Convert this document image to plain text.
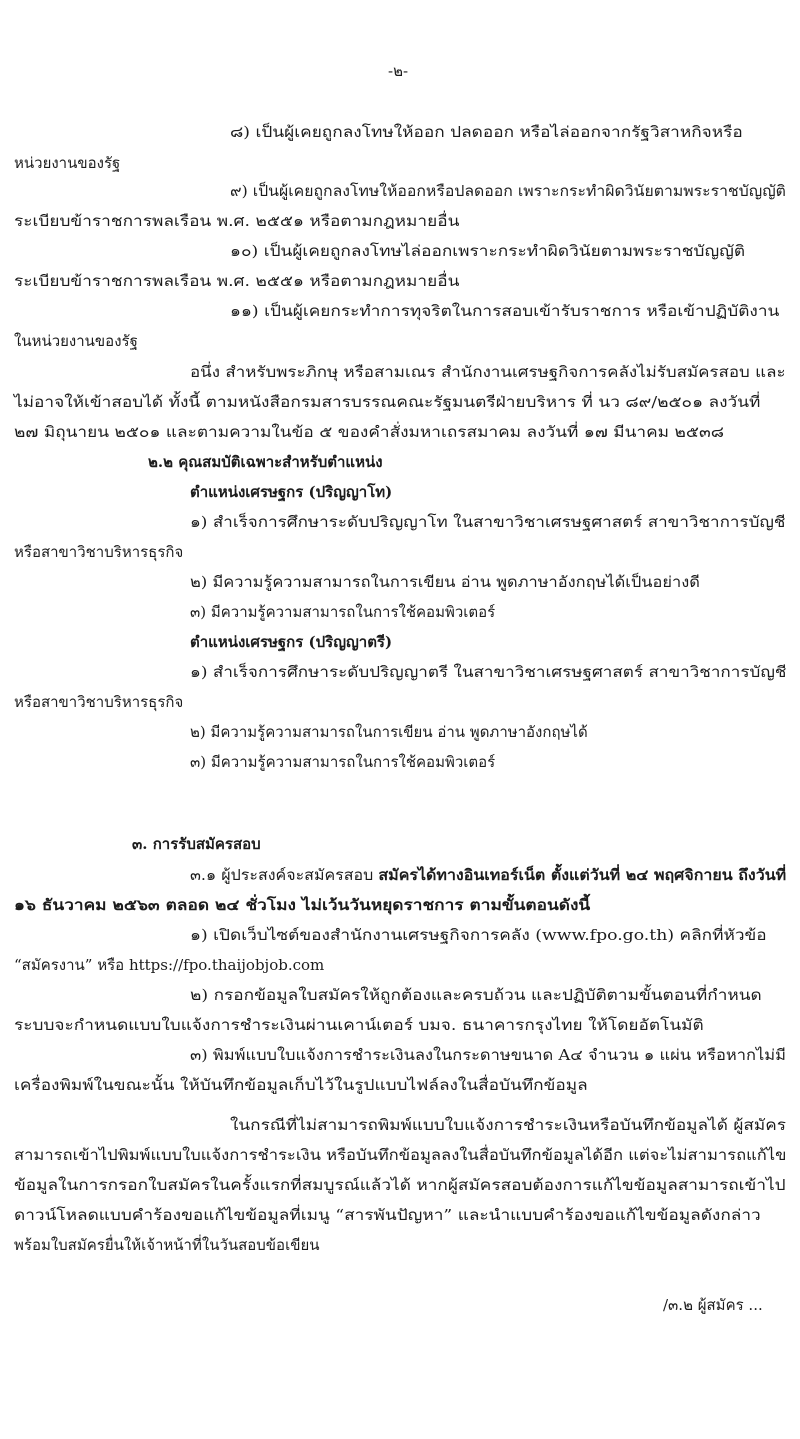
-๒-
๘) เป็นผู้เคยถูกลงโทษให้ออก ปลดออก หรือไล่ออกจากรัฐวิสาหกิจหรือ
หน่วยงานของรัฐ
๙) เป็นผู้เคยถูกลงโทษให้ออกหรือปลดออก เพราะกระทำผิดวินัยตามพระราชบัญญัติ
ระเบียบข้าราชการพลเรือน พ.ศ. ๒๕๕๑ หรือตามกฎหมายอื่น
๑๐) เป็นผู้เคยถูกลงโทษไล่ออกเพราะกระทำผิดวินัยตามพระราชบัญญัติ
ระเบียบข้าราชการพลเรือน พ.ศ. ๒๕๕๑ หรือตามกฎหมายอื่น
๑๑) เป็นผู้เคยกระทำการทุจริตในการสอบเข้ารับราชการ หรือเข้าปฏิบัติงาน
ในหน่วยงานของรัฐ
อนึ่ง สำหรับพระภิกษุ หรือสามเณร สำนักงานเศรษฐกิจการคลังไม่รับสมัครสอบ และ
ไม่อาจให้เข้าสอบได้ ทั้งนี้ ตามหนังสือกรมสารบรรณคณะรัฐมนตรีฝ่ายบริหาร ที่ นว ๘๙/๒๕๐๑ ลงวันที่
๒๗ มิถุนายน ๒๕๐๑ และตามความในข้อ ๕ ของคำสั่งมหาเถรสมาคม ลงวันที่ ๑๗ มีนาคม ๒๕๓๘
๒.๒ คุณสมบัติเฉพาะสำหรับตำแหน่ง
ตำแหน่งเศรษฐกร (ปริญญาโท)
๑) สำเร็จการศึกษาระดับปริญญาโท ในสาขาวิชาเศรษฐศาสตร์ สาขาวิชาการบัญชี
หรือสาขาวิชาบริหารธุรกิจ
๒) มีความรู้ความสามารถในการเขียน อ่าน พูดภาษาอังกฤษได้เป็นอย่างดี
๓) มีความรู้ความสามารถในการใช้คอมพิวเตอร์
ตำแหน่งเศรษฐกร (ปริญญาตรี)
๑) สำเร็จการศึกษาระดับปริญญาตรี ในสาขาวิชาเศรษฐศาสตร์ สาขาวิชาการบัญชี
หรือสาขาวิชาบริหารธุรกิจ
๒) มีความรู้ความสามารถในการเขียน อ่าน พูดภาษาอังกฤษได้
๓) มีความรู้ความสามารถในการใช้คอมพิวเตอร์
๓. การรับสมัครสอบ
๓.๑ ผู้ประสงค์จะสมัครสอบ สมัครได้ทางอินเทอร์เน็ต ตั้งแต่วันที่ ๒๔ พฤศจิกายน ถึงวันที่
๑๖ ธันวาคม ๒๕๖๓ ตลอด ๒๔ ชั่วโมง ไม่เว้นวันหยุดราชการ ตามขั้นตอนดังนี้
๑) เปิดเว็บไซต์ของสำนักงานเศรษฐกิจการคลัง (www.fpo.go.th) คลิกที่หัวข้อ
“สมัครงาน” หรือ https://fpo.thaijobjob.com
๒) กรอกข้อมูลใบสมัครให้ถูกต้องและครบถ้วน และปฏิบัติตามขั้นตอนที่กำหนด
ระบบจะกำหนดแบบใบแจ้งการชำระเงินผ่านเคาน์เตอร์ บมจ. ธนาคารกรุงไทย ให้โดยอัตโนมัติ
๓) พิมพ์แบบใบแจ้งการชำระเงินลงในกระดาษขนาด A๔ จำนวน ๑ แผ่น หรือหากไม่มี
เครื่องพิมพ์ในขณะนั้น ให้บันทึกข้อมูลเก็บไว้ในรูปแบบไฟล์ลงในสื่อบันทึกข้อมูล
ในกรณีที่ไม่สามารถพิมพ์แบบใบแจ้งการชำระเงินหรือบันทึกข้อมูลได้ ผู้สมัคร
สามารถเข้าไปพิมพ์แบบใบแจ้งการชำระเงิน หรือบันทึกข้อมูลลงในสื่อบันทึกข้อมูลได้อีก แต่จะไม่สามารถแก้ไข
ข้อมูลในการกรอกใบสมัครในครั้งแรกที่สมบูรณ์แล้วได้ หากผู้สมัครสอบต้องการแก้ไขข้อมูลสามารถเข้าไป
ดาวน์โหลดแบบคำร้องขอแก้ไขข้อมูลที่เมนู “สารพันปัญหา” และนำแบบคำร้องขอแก้ไขข้อมูลดังกล่าว
พร้อมใบสมัครยื่นให้เจ้าหน้าที่ในวันสอบข้อเขียน
/๓.๒ ผู้สมัคร ...
